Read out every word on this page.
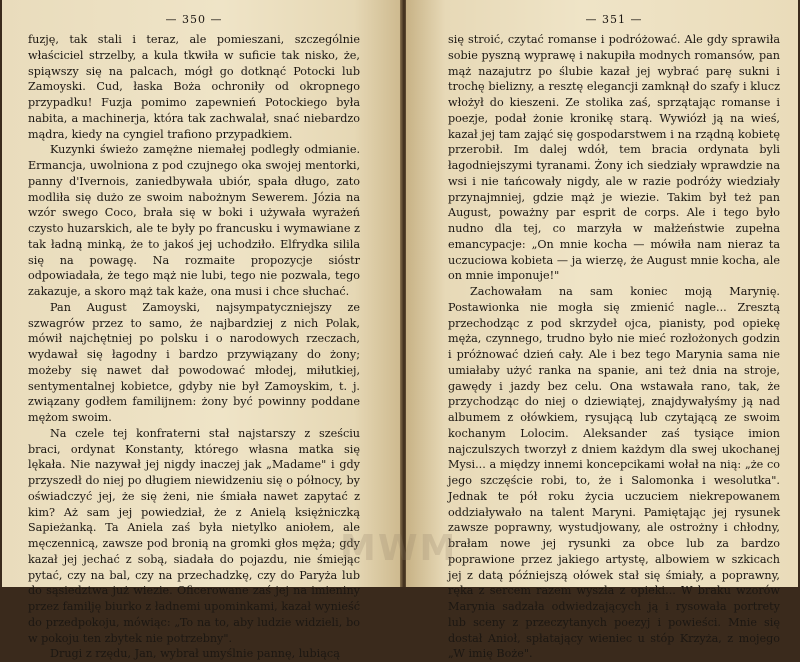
— 350 —

fuzję, tak stali i teraz, ale pomieszani, szczególnie właściciel strzelby, a kula tkwiła w suficie tak nisko, że, spiąwszy się na palcach, mógł go dotknąć Potocki lub Zamoyski. Cud, łaska Boża ochroniły od okropnego przypadku! Fuzja pomimo zapewnień Potockiego była nabita, a machinerja, która tak zachwalał, snać niebardzo mądra, kiedy na cyngiel trafiono przypadkiem.

Kuzynki świeżo zamężne niemałej podległy odmianie. Ermancja, uwolniona z pod czujnego oka swojej mentorki, panny d'Ivernois, zaniedbywała ubiór, spała długo, zato modliła się dużo ze swoim nabożnym Sewerem. Józia na wzór swego Coco, brała się w boki i używała wyrażeń czysto huzarskich, ale te były po francusku i wymawiane z tak ładną minką, że to jakoś jej uchodziło. Elfrydka silila się na powagę. Na rozmaite propozycje sióstr odpowiadała, że tego mąż nie lubi, tego nie pozwala, tego zakazuje, a skoro mąż tak każe, ona musi i chce słuchać.

Pan August Zamoyski, najsympatyczniejszy ze szwagrów przez to samo, że najbardziej z nich Polak, mówił najchętniej po polsku i o narodowych rzeczach, wydawał się łagodny i bardzo przywiązany do żony; możeby się nawet dał powodować młodej, miłutkiej, sentymentalnej kobietce, gdyby nie był Zamoyskim, t. j. związany godłem familijnem: żony być powinny poddane mężom swoim.

Na czele tej konfraterni stał najstarszy z sześciu braci, ordynat Konstanty, którego własna matka się lękała. Nie nazywał jej nigdy inaczej jak „Madame" i gdy przyszedł do niej po długiem niewidzeniu się o północy, by oświadczyć jej, że się żeni, nie śmiała nawet zapytać z kim? Aż sam jej powiedział, że z Anielą księżniczką Sapieżanką. Ta Aniela zaś była nietylko aniołem, ale męczennicą, zawsze pod bronią na gromki głos męża; gdy kazał jej jechać z sobą, siadała do pojazdu, nie śmiejąc pytać, czy na bal, czy na przechadzkę, czy do Paryża lub do sąsiedztwa już wiezie. Oficerowane zaś jej na imieniny przez familję biurko z ładnemi upominkami, kazał wynieść do przedpokoju, mówiąc: „To na to, aby ludzie widzieli, bo w pokoju ten zbytek nie potrzebny".

Drugi z rzędu, Jan, wybrał umyślnie pannę, lubiącą

— 351 —

się stroić, czytać romanse i podróżować. Ale gdy sprawiła sobie pyszną wyprawę i nakupiła modnych romansów, pan mąż nazajutrz po ślubie kazał jej wybrać parę sukni i trochę bielizny, a resztę elegancji zamknął do szafy i klucz włożył do kieszeni. Ze stolika zaś, sprzątając romanse i poezje, podał żonie kronikę starą. Wywiózł ją na wieś, kazał jej tam zająć się gospodarstwem i na rządną kobietę przerobił. Im dalej wdół, tem bracia ordynata byli łagodniejszymi tyranami. Żony ich siedziały wprawdzie na wsi i nie tańcowały nigdy, ale w razie podróży wiedziały przynajmniej, gdzie mąż je wiezie. Takim był też pan August, poważny par esprit de corps. Ale i tego było nudno dla tej, co marzyła w małżeństwie zupełna emancypacje: „On mnie kocha — mówiła nam nieraz ta uczuciowa kobieta — ja wierzę, że August mnie kocha, ale on mnie imponuje!"

Zachowałam na sam koniec moją Marynię. Postawionka nie mogła się zmienić nagle... Zresztą przechodząc z pod skrzydeł ojca, pianisty, pod opiekę męża, czynnego, trudno było nie mieć rozłożonych godzin i próżnować dzień cały. Ale i bez tego Marynia sama nie umiałaby użyć ranka na spanie, ani też dnia na stroje, gawędy i jazdy bez celu. Ona wstawała rano, tak, że przychodząc do niej o dziewiątej, znajdywałyśmy ją nad albumem z ołówkiem, rysującą lub czytającą ze swoim kochanym Lolocim. Aleksander zaś tysiące imion najczulszych tworzył z dniem każdym dla swej ukochanej Mysi... a między innemi koncepcikami wołał na nią: „że co jego szczęście robi, to, że i Salomonka i wesolutka". Jednak te pół roku życia uczuciem niekrepowanem oddziaływało na talent Maryni. Pamiętając jej rysunek zawsze poprawny, wystudjowany, ale ostrożny i chłodny, brałam nowe jej rysunki za obce lub za bardzo poprawione przez jakiego artystę, albowiem w szkicach jej z datą późniejszą ołówek stał się śmiały, a poprawny, ręka z sercem razem wyszła z opieki... W braku wzorów Marynia sadzała odwiedzających ją i rysowała portrety lub sceny z przeczytanych poezyj i powieści. Mnie się dostał Anioł, spłatający wieniec u stóp Krzyża, z mojego „W imię Boże".

MWM
